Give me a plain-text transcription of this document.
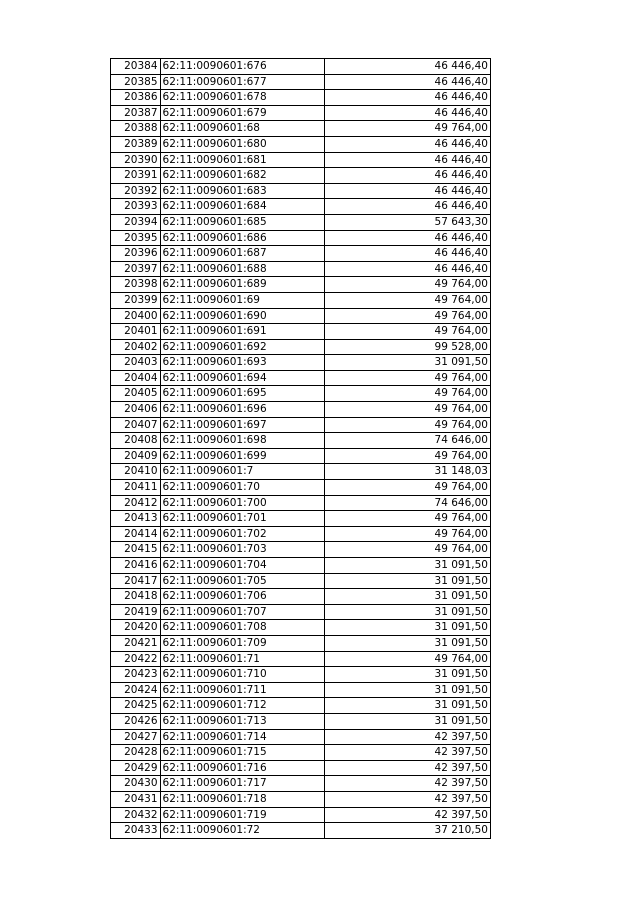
20384	62:11:0090601:676	46 446,40
20385	62:11:0090601:677	46 446,40
20386	62:11:0090601:678	46 446,40
20387	62:11:0090601:679	46 446,40
20388	62:11:0090601:68	49 764,00
20389	62:11:0090601:680	46 446,40
20390	62:11:0090601:681	46 446,40
20391	62:11:0090601:682	46 446,40
20392	62:11:0090601:683	46 446,40
20393	62:11:0090601:684	46 446,40
20394	62:11:0090601:685	57 643,30
20395	62:11:0090601:686	46 446,40
20396	62:11:0090601:687	46 446,40
20397	62:11:0090601:688	46 446,40
20398	62:11:0090601:689	49 764,00
20399	62:11:0090601:69	49 764,00
20400	62:11:0090601:690	49 764,00
20401	62:11:0090601:691	49 764,00
20402	62:11:0090601:692	99 528,00
20403	62:11:0090601:693	31 091,50
20404	62:11:0090601:694	49 764,00
20405	62:11:0090601:695	49 764,00
20406	62:11:0090601:696	49 764,00
20407	62:11:0090601:697	49 764,00
20408	62:11:0090601:698	74 646,00
20409	62:11:0090601:699	49 764,00
20410	62:11:0090601:7	31 148,03
20411	62:11:0090601:70	49 764,00
20412	62:11:0090601:700	74 646,00
20413	62:11:0090601:701	49 764,00
20414	62:11:0090601:702	49 764,00
20415	62:11:0090601:703	49 764,00
20416	62:11:0090601:704	31 091,50
20417	62:11:0090601:705	31 091,50
20418	62:11:0090601:706	31 091,50
20419	62:11:0090601:707	31 091,50
20420	62:11:0090601:708	31 091,50
20421	62:11:0090601:709	31 091,50
20422	62:11:0090601:71	49 764,00
20423	62:11:0090601:710	31 091,50
20424	62:11:0090601:711	31 091,50
20425	62:11:0090601:712	31 091,50
20426	62:11:0090601:713	31 091,50
20427	62:11:0090601:714	42 397,50
20428	62:11:0090601:715	42 397,50
20429	62:11:0090601:716	42 397,50
20430	62:11:0090601:717	42 397,50
20431	62:11:0090601:718	42 397,50
20432	62:11:0090601:719	42 397,50
20433	62:11:0090601:72	37 210,50
